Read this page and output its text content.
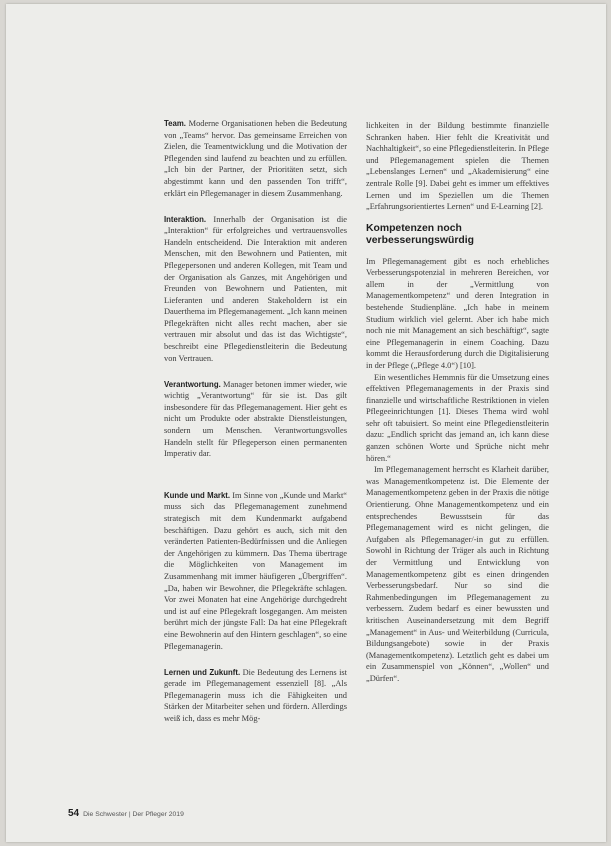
Team. Moderne Organisationen heben die Bedeutung von „Teams“ hervor. Das gemeinsame Erreichen von Zielen, die Teamentwicklung und die Motivation der Pflegenden sind laufend zu beachten und zu erfüllen. „Ich bin der Partner, der Prioritäten setzt, sich abgestimmt kann und den passenden Ton trifft“, erklärt ein Pflegemanager in diesem Zusammenhang.

Interaktion. Innerhalb der Organisation ist die „Interaktion“ für erfolgreiches und vertrauensvolles Handeln entscheidend. Die Interaktion mit anderen Menschen, mit den Bewohnern und Patienten, mit Pflegepersonen und anderen Kollegen, mit Team und der Organisation als Ganzes, mit Angehörigen und Freunden von Bewohnern und Patienten, mit Lieferanten und anderen Stakeholdern ist ein Dauerthema im Pflegemanagement. „Ich kann meinen Pflegekräften nicht alles recht machen, aber sie vertrauen mir absolut und das ist das Wichtigste“, beschreibt eine Pflegedienstleiterin die Bedeutung von Vertrauen.

Verantwortung. Manager betonen immer wieder, wie wichtig „Verantwortung“ für sie ist. Das gilt insbesondere für das Pflegemanagement. Hier geht es nicht um Produkte oder abstrakte Dienstleistungen, sondern um Menschen. Verantwortungsvolles Handeln stellt für Pflegeperson einen permanenten Imperativ dar.

Kunde und Markt. Im Sinne von „Kunde und Markt“ muss sich das Pflegemanagement zunehmend strategisch mit dem Kundenmarkt aufgabend beschäftigen. Dazu gehört es auch, sich mit den veränderten Patienten-Bedürfnissen und die Anliegen der Angehörigen zu kümmern. Das Thema übertrage die Möglichkeiten von Management im Zusammenhang mit immer häufigeren „Übergriffen“. „Da, haben wir Bewohner, die Pflegekräfte schlagen. Vor zwei Monaten hat eine Angehörige durchgedreht und ist auf eine Pflegekraft losgegangen. Am meisten berührt mich der jüngste Fall: Da hat eine Pflegekraft eine Bewohnerin auf den Hintern geschlagen“, so eine Pflegemanagerin.

Lernen und Zukunft. Die Bedeutung des Lernens ist gerade im Pflegemanagement essenziell [8]. „Als Pflegemanagerin muss ich die Fähigkeiten und Stärken der Mitarbeiter sehen und fördern. Allerdings weiß ich, dass es mehr Mög-

lichkeiten in der Bildung bestimmte finanzielle Schranken haben. Hier fehlt die Kreativität und Nachhaltigkeit“, so eine Pflegedienstleiterin. In Pflege und Pflegemanagement spielen die Themen „Lebenslanges Lernen“ und „Akademisierung“ eine zentrale Rolle [9]. Dabei geht es immer um effektives Lernen und im Speziellen um die Themen „Erfahrungsorientiertes Lernen“ und E-Learning [2].

Kompetenzen noch verbesserungswürdig

Im Pflegemanagement gibt es noch erhebliches Verbesserungspotenzial in mehreren Bereichen, vor allem in der „Vermittlung von Managementkompetenz“ und deren Integration in bestehende Studienpläne. „Ich habe in meinem Studium wirklich viel gelernt. Aber ich habe mich noch nie mit Management an sich beschäftigt“, sagte eine Pflegemanagerin in einem Coaching. Dazu kommt die Herausforderung durch die Digitalisierung in der Pflege („Pflege 4.0“) [10].

Ein wesentliches Hemmnis für die Umsetzung eines effektiven Pflegemanagements in der Praxis sind finanzielle und wirtschaftliche Restriktionen in vielen Pflegeeinrichtungen [1]. Dieses Thema wird wohl sehr oft tabuisiert. So meint eine Pflegedienstleiterin dazu: „Endlich spricht das jemand an, ich kann diese ganzen schönen Worte und Sprüche nicht mehr hören.“

Im Pflegemanagement herrscht es Klarheit darüber, was Managementkompetenz ist. Die Elemente der Managementkompetenz geben in der Praxis die nötige Orientierung. Ohne Managementkompetenz und ein entsprechendes Bewusstsein für das Pflegemanagement wird es nicht gelingen, die Aufgaben als Pflegemanager/-in gut zu erfüllen. Sowohl in Richtung der Träger als auch in Richtung der Vermittlung und Entwicklung von Managementkompetenz gibt es einen dringenden Verbesserungsbedarf. Nur so sind die Rahmenbedingungen im Pflegemanagement zu verbessern. Zudem bedarf es einer bewussten und kritischen Auseinandersetzung mit dem Begriff „Management“ in Aus- und Weiterbildung (Curricula, Bildungsangebote) sowie in der Praxis (Managementkompetenz). Letztlich geht es dabei um ein Zusammenspiel von „Können“, „Wollen“ und „Dürfen“.

54 Die Schwester | Der Pfleger 2019
